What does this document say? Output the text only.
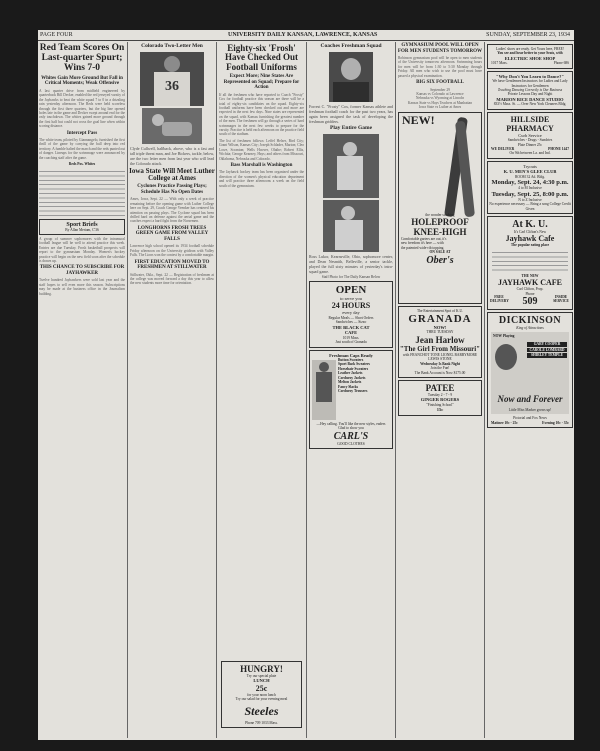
PAGE FOUR	UNIVERSITY DAILY KANSAN, LAWRENCE, KANSAS	SUNDAY, SEPTEMBER 23, 1934
Red Team Scores On Last-quarter Spurt; Wins 7-0
Whites Gain More Ground But Fall in Critical Moments; Weak Offensive
A last quarter drive from midfield engineered by quarterback Bill Decker, enabled the red jerseyed varsity of the Jayhawks to beat the white squad 7 to 0 in a drizzling rain yesterday afternoon. The Reds were held scoreless through the first three quarters, but the big line opened holes late in the game and Decker swept around end for the only touchdown. The whites gained more ground through the first half but could not cross the goal line when within scoring distance.
Intercept Pass
The white team, piloted by Giannangelo, furnished the first thrill of the game by carrying the ball deep into red territory. A fumble halted the march and the reds punted out of danger. Lineups for the scrimmage were announced by the coaching staff after the game.
Reds Pos. Whites
Sport Briefs
By Allan Meriam, C'36
A group of summer sophomores with the intramural football league will be well to attend practice this week. Entries are due Tuesday. Frosh basketball prospects will report to the gymnasium Monday. Women's hockey practice will begin on the new field soon after the schedule is drawn up.
THIS CHANCE TO SUBSCRIBE FOR JAYHAWKER
Twelve hundred Jayhawkers were sold last year and the staff hopes to sell even more this season. Subscriptions may be made at the business office in the Journalism building.
Colorado Two-Letter Men
36
Clyde Cullwell, halfback, above, who is a fast and tall triple threat man, and Joe Bickers, tackle, below, are the two letter men from last year who will lead the Colorado attack.
Iowa State Will Meet Luther College at Ames
Cyclones Practice Passing Plays; Schedule Has No Open Dates
Ames, Iowa, Sept. 22 — With only a week of practice remaining before the opening game with Luther College here on Sept. 29, Coach George Veenker has centered his attention on passing plays. The Cyclone squad has been drilled hard on defense against the aerial game and the coaches expect a hard fight from the Norsemen.
LONGHORNS FROSH TREES GREEN GAME FROM VALLEY FALLS
Lawrence high school opened its 1934 football schedule Friday afternoon on the University gridiron with Valley Falls. The Lions won the contest by a comfortable margin.
FIRST EDUCATION MOVED TO FRESHMEN AT STILLWATER
Stillwater, Okla., Sept. 22 — Registration of freshmen at the college was moved forward a day this year to allow the new students more time for orientation.
Eighty-six 'Frosh' Have Checked Out Football Uniforms
Expect More; Nine States Are Represented on Squad; Prepare for Action
If all the freshmen who have reported to Coach "Frosty" Cox for football practice this season are there will be a total of eighty-six candidates on the squad. Eighty-six football uniforms have been checked out and more are expected in the next few days. Nine states are represented on the squad, with Kansas furnishing the greatest number of the men. The freshmen will go through a series of hard scrimmages in the next few weeks to prepare for the varsity. Practice is held each afternoon on the practice field south of the stadium.
The list of freshmen follows: Leffel Helser, Bird City; Grant Wilson, Kansas City; Joseph Schlader, Marion; Cleo Lowe, Scranton; Wells Hoover, Olathe; Robert Ellis, Wichita; George Kearney, Hays; and others from Missouri, Oklahoma, Nebraska and Colorado.
Bass Marshall is Washington
The Jayhawk hockey team has been organized under the direction of the women's physical education department and will practice three afternoons a week on the field south of the gymnasium.
HUNGRY!
Try our special plate
LUNCH
25c
for your noon lunch
Try our salad for your evening meal
Steeles
Phone 709 1033 Mass.
Coaches Freshman Squad
Forrest C. "Frosty" Cox, former Kansas athlete and freshman football coach for the past two years, has again been assigned the task of developing the freshman gridders.
Play Entire Game
Ross Lukor, Kearnsville, Ohio, sophomore center, and Dean Nesmith, Belleville, a senior tackle, played the full sixty minutes of yesterday's intra-squad game.
Staff Photo for The Daily Kansan Below
OPEN
to serve you
24 HOURS
every day
Regular Meals — Short Orders
Sandwiches — Sizzo
THE BLACK CAT
CAFE
1019 Mass.
Just south of Granada
Freshman Caps Ready
Button Sweaters
Sport Back Sweaters
Horsehair Sweaters
Leather Jackets
Corduroy Jackets
Melton Jackets
Fancy Slacks
Corduroy Trousers
—Hey calling. You'll like the new styles, eaders
Glad to show you
CARL'S
GOOD CLOTHES
GYMNASIUM POOL WILL OPEN FOR MEN STUDENTS TOMORROW
Robinson gymnasium pool will be open to men students of the University tomorrow afternoon. Swimming hours for men will be from 1:30 to 5:30 Monday through Friday. All men who wish to use the pool must have passed a physical examination.
BIG SIX FOOTBALL
September 29
Kansas vs Colorado at Lawrence
Nebraska vs Wyoming at Lincoln
Kansas State vs Hays Teachers at Manhattan
Iowa State vs Luther at Ames
NEW!
the wonder stocking
HOLEPROOF
KNEE-HIGH
Comfortable garters are out, it's new freedom it's here — with the patented wide-rib topping.
ON SALE AT
Ober's
The Entertainment Spot of K.U.
GRANADA
NOW!
THRU TUESDAY
Jean Harlow
"The Girl From Missouri"
with FRANCHOT TONE LIONEL BARRYMORE LEWIS STONE
Wednesday Is Bank Night
Join the Fun!
The Bank Account is Now $175.00
PATEE
Tuesday 2 - 7 - 9
GINGER ROGERS
"Finishing School"
15c
Ladies' shoes are ready. Get Yours here, FREE!
You see and hear better in your Seats, with
ELECTRIC SHOE SHOP
1017 Mass.	Phone 686
"Why Don't You Learn to Dance?"
We have Gentlemen Instructors for Ladies and Lady Instructors for Gentlemen
Teaching Dancing Correctly is Our Business
Private Lessons Day and Night
MARION RICE DANCE STUDIO
833½ Mass. St. — Over New York Cleaners Bldg.
HILLSIDE PHARMACY
Curb Service
Sandwiches - Drugs - Sundries
Plate Dinner 25c
WE DELIVER	PHONE 1447
On 9th between La. and Ind.
Tryouts
K. U. MEN'S GLEE CLUB
ROOM 32 Ad. Bldg.
Monday, Sept. 24, 4:30 p.m.
4 to M Inclusive
Tuesday, Sept. 25, 8:00 p.m.
N to Z Inclusive
No experience necessary — Bring a song College Credit Given
At K. U.
It's Carl Clifton's New
Jayhawk Cafe
The popular eating place
THE NEW
JAYHAWK CAFE
Carl Clifton, Prop.
FREE DELIVERY
Phone
509	INSIDE SERVICE
DICKINSON
King of Attractions
NOW Playing
GARY COOPER
CAROLE LOMBARD
SHIRLEY TEMPLE
Now and Forever
Little Miss Marker grows up!
Pictorial and Fox News
Matinee 10c - 25c	Evening 10c - 35c
